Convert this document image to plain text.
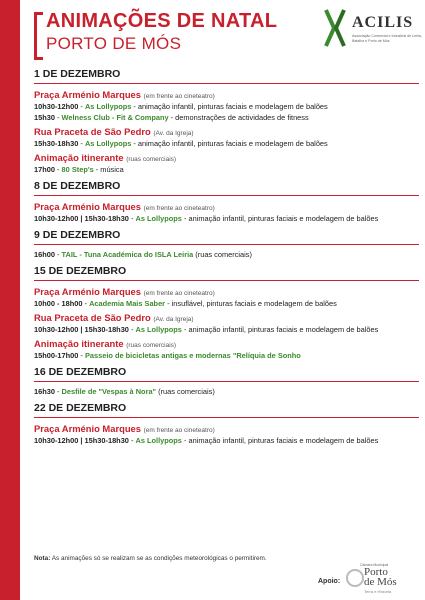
ANIMAÇÕES DE NATAL
PORTO DE MÓS
ACILIS
Associação Comercial e Industrial de Leiria, Batalha e Porto de Mós
1 DE DEZEMBRO
Praça Arménio Marques (em frente ao cineteatro)
10h30-12h00 - As Lollypops - animação infantil, pinturas faciais e modelagem de balões
15h30 - Welness Club - Fit & Company - demonstrações de actividades de fitness
Rua Praceta de São Pedro (Av. da Igreja)
15h30-18h30 - As Lollypops - animação infantil, pinturas faciais e modelagem de balões
Animação itinerante (ruas comerciais)
17h00 - 80 Step's - música
8 DE DEZEMBRO
Praça Arménio Marques (em frente ao cineteatro)
10h30-12h00 | 15h30-18h30 - As Lollypops - animação infantil, pinturas faciais e modelagem de balões
9 DE DEZEMBRO
16h00 - TAIL - Tuna Académica do ISLA Leiria (ruas comerciais)
15 DE DEZEMBRO
Praça Arménio Marques (em frente ao cineteatro)
10h00 - 18h00 - Academia Mais Saber - insuflável, pinturas faciais e modelagem de balões
Rua Praceta de São Pedro (Av. da Igreja)
10h30-12h00 | 15h30-18h30 - As Lollypops - animação infantil, pinturas faciais e modelagem de balões
Animação itinerante (ruas comerciais)
15h00-17h00 - Passeio de bicicletas antigas e modernas "Relíquia de Sonho
16 DE DEZEMBRO
16h30 - Desfile de "Vespas à Nora" (ruas comerciais)
22 DE DEZEMBRO
Praça Arménio Marques (em frente ao cineteatro)
10h30-12h00 | 15h30-18h30 - As Lollypops - animação infantil, pinturas faciais e modelagem de balões
Nota: As animações só se realizam se as condições meteorológicas o permitirem.
Apoio:
Câmara Municipal
Porto
de Mós
Terra e História
